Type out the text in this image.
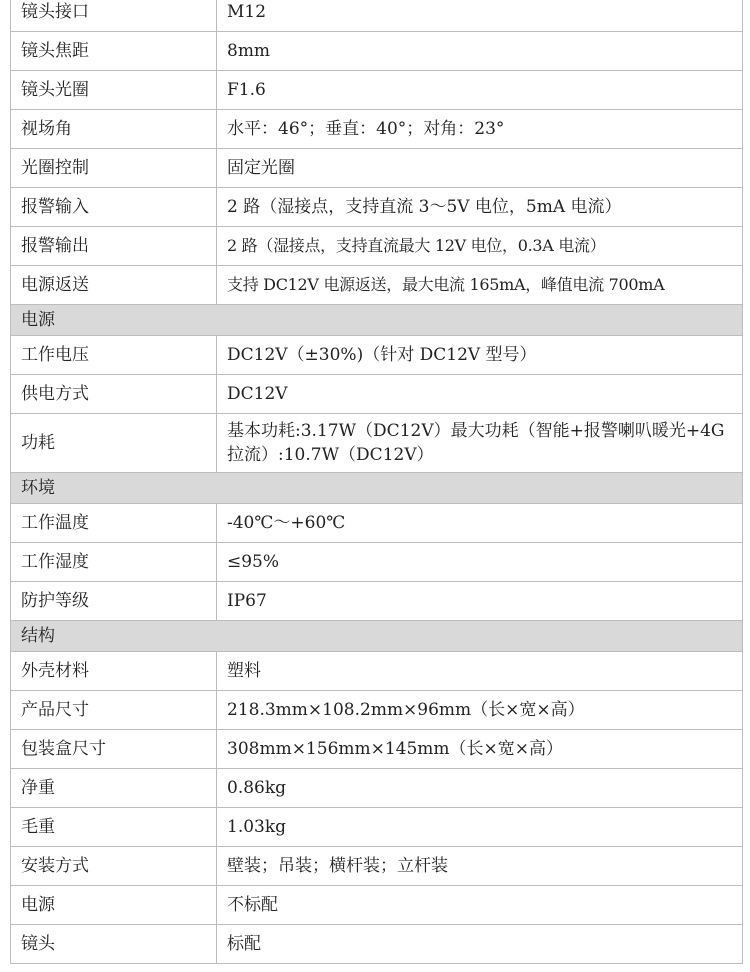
镜头接口	M12
镜头焦距	8mm
镜头光圈	F1.6
视场角	水平：46°；垂直：40°；对角：23°
光圈控制	固定光圈
报警输入	2 路（湿接点，支持直流 3～5V 电位，5mA 电流）
报警输出	2 路（湿接点，支持直流最大 12V 电位，0.3A 电流）
电源返送	支持 DC12V 电源返送，最大电流 165mA，峰值电流 700mA
电源	
工作电压	DC12V（±30%)（针对 DC12V 型号）
供电方式	DC12V
功耗	基本功耗:3.17W（DC12V）最大功耗（智能+报警喇叭暖光+4G 拉流）:10.7W（DC12V）
环境	
工作温度	-40℃～+60℃
工作湿度	≤95%
防护等级	IP67
结构	
外壳材料	塑料
产品尺寸	218.3mm×108.2mm×96mm（长×宽×高）
包装盒尺寸	308mm×156mm×145mm（长×宽×高）
净重	0.86kg
毛重	1.03kg
安装方式	壁装；吊装；横杆装；立杆装
电源	不标配
镜头	标配
